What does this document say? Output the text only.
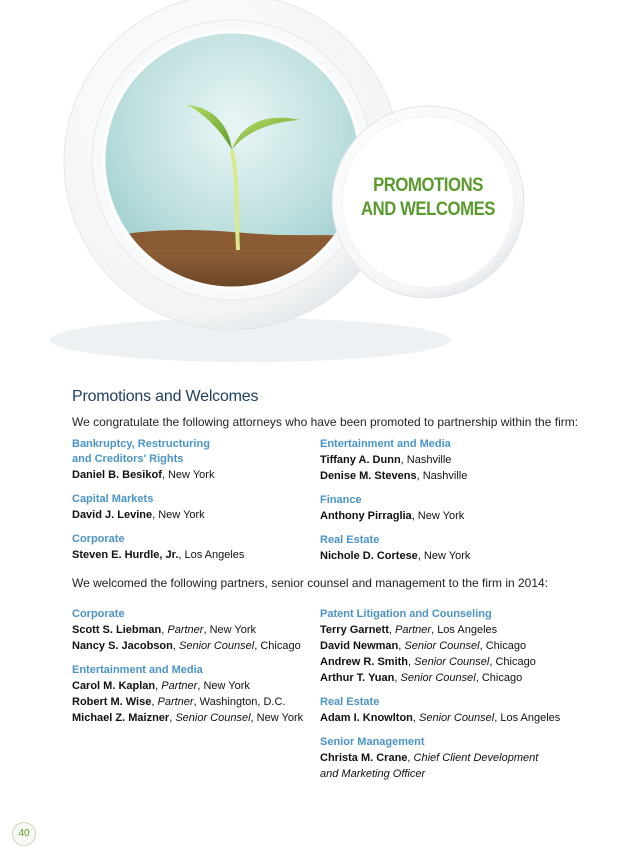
PROMOTIONS
AND WELCOMES
Promotions and Welcomes
We congratulate the following attorneys who have been promoted to partnership within the firm:
Bankruptcy, Restructuring
and Creditors' Rights
Daniel B. Besikof, New York
Capital Markets
David J. Levine, New York
Corporate
Steven E. Hurdle, Jr., Los Angeles
Entertainment and Media
Tiffany A. Dunn, Nashville
Denise M. Stevens, Nashville
Finance
Anthony Pirraglia, New York
Real Estate
Nichole D. Cortese, New York
We welcomed the following partners, senior counsel and management to the firm in 2014:
Corporate
Scott S. Liebman, Partner, New York
Nancy S. Jacobson, Senior Counsel, Chicago
Entertainment and Media
Carol M. Kaplan, Partner, New York
Robert M. Wise, Partner, Washington, D.C.
Michael Z. Maizner, Senior Counsel, New York
Patent Litigation and Counseling
Terry Garnett, Partner, Los Angeles
David Newman, Senior Counsel, Chicago
Andrew R. Smith, Senior Counsel, Chicago
Arthur T. Yuan, Senior Counsel, Chicago
Real Estate
Adam I. Knowlton, Senior Counsel, Los Angeles
Senior Management
Christa M. Crane, Chief Client Development
and Marketing Officer
40
